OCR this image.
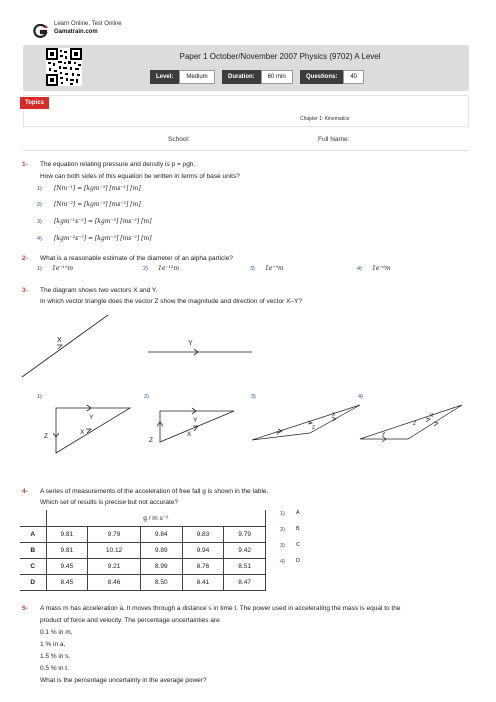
Learn Online, Test Online
Gamatrain.com
Paper 1 October/November 2007 Physics (9702) A Level
Level:	Medium	Duration:	60 min	Questions:	40
Topics
Chapter 1: Kinematics
School:	Full Name:
1- The equation relating pressure and density is p = ρgh.
How can both sides of this equation be written in terms of base units?
1) [Nm⁻¹] = [kgm⁻³] [ms⁻¹] [m]
2) [Nm⁻²] = [kgm⁻³] [ms⁻²] [m]
3) [kgm⁻¹s⁻²] = [kgm⁻³] [ms⁻²] [m]
4) [kgm⁻²s⁻²] = [kgm⁻³] [ms⁻²] [m]
2- What is a reasonable estimate of the diameter of an alpha particle?
1) 1e⁻¹⁵m	2) 1e⁻¹²m	3) 1e⁻⁹m	4) 1e⁻⁶m
3- The diagram shows two vectors X and Y.
In which vector triangle does the vector Z show the magnitude and direction of vector X–Y?
X	Y
1)	2)	3)	4)
Y
Z
X
Y
Z
X	Y
Z
X
Y
Z
X
4- A series of measurements of the acceleration of free fall g is shown in the table.
Which set of results is precise but not accurate?
	g / m s⁻²				
A	9.81	9.79	9.84	9.83	9.79
B	9.81	10.12	9.89	9.94	9.42
C	9.45	9.21	8.99	8.76	8.51
D	8.45	8.46	8.50	8.41	8.47
1) A
2) B
3) C
4) D
5- A mass m has acceleration a. It moves through a distance s in time t. The power used in accelerating the mass is equal to the
product of force and velocity. The percentage uncertainties are
0.1 % in m,
1 % in a,
1.5 % in s,
0.5 % in t.
What is the percentage uncertainty in the average power?
